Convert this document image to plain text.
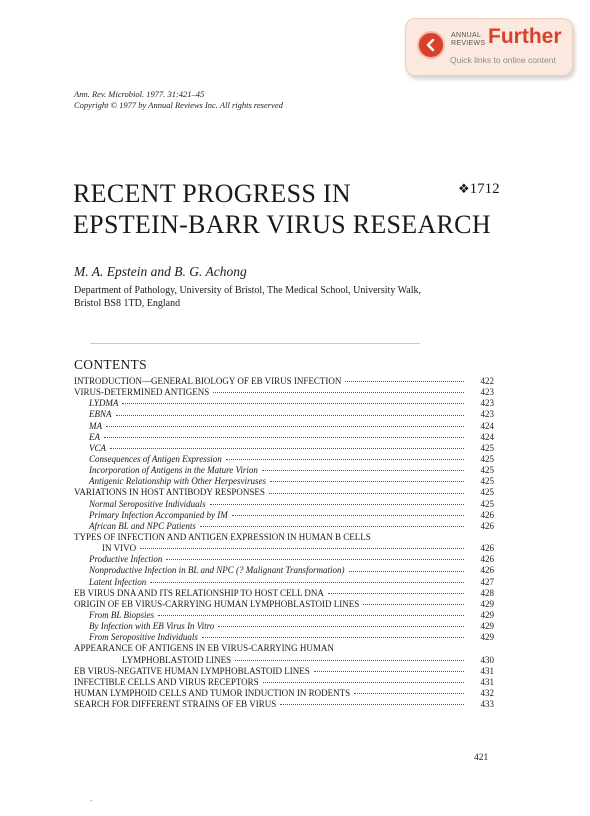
ANNUAL
REVIEWS Further
Quick links to online content
Ann. Rev. Microbiol. 1977. 31:421–45
Copyright © 1977 by Annual Reviews Inc. All rights reserved
RECENT PROGRESS IN
EPSTEIN-BARR VIRUS RESEARCH
❖1712
M. A. Epstein and B. G. Achong
Department of Pathology, University of Bristol, The Medical School, University Walk,
Bristol BS8 1TD, England
CONTENTS
INTRODUCTION—GENERAL BIOLOGY OF EB VIRUS INFECTION	422
VIRUS-DETERMINED ANTIGENS	423
LYDMA	423
EBNA	423
MA	424
EA	424
VCA	425
Consequences of Antigen Expression	425
Incorporation of Antigens in the Mature Virion	425
Antigenic Relationship with Other Herpesviruses	425
VARIATIONS IN HOST ANTIBODY RESPONSES	425
Normal Seropositive Individuals	425
Primary Infection Accompanied by IM	426
African BL and NPC Patients	426
TYPES OF INFECTION AND ANTIGEN EXPRESSION IN HUMAN B CELLS
IN VIVO	426
Productive Infection	426
Nonproductive Infection in BL and NPC (? Malignant Transformation)	426
Latent Infection	427
EB VIRUS DNA AND ITS RELATIONSHIP TO HOST CELL DNA	428
ORIGIN OF EB VIRUS-CARRYING HUMAN LYMPHOBLASTOID LINES	429
From BL Biopsies	429
By Infection with EB Virus In Vitro	429
From Seropositive Individuals	429
APPEARANCE OF ANTIGENS IN EB VIRUS-CARRYING HUMAN
LYMPHOBLASTOID LINES	430
EB VIRUS-NEGATIVE HUMAN LYMPHOBLASTOID LINES	431
INFECTIBLE CELLS AND VIRUS RECEPTORS	431
HUMAN LYMPHOID CELLS AND TUMOR INDUCTION IN RODENTS	432
SEARCH FOR DIFFERENT STRAINS OF EB VIRUS	433
421
-
